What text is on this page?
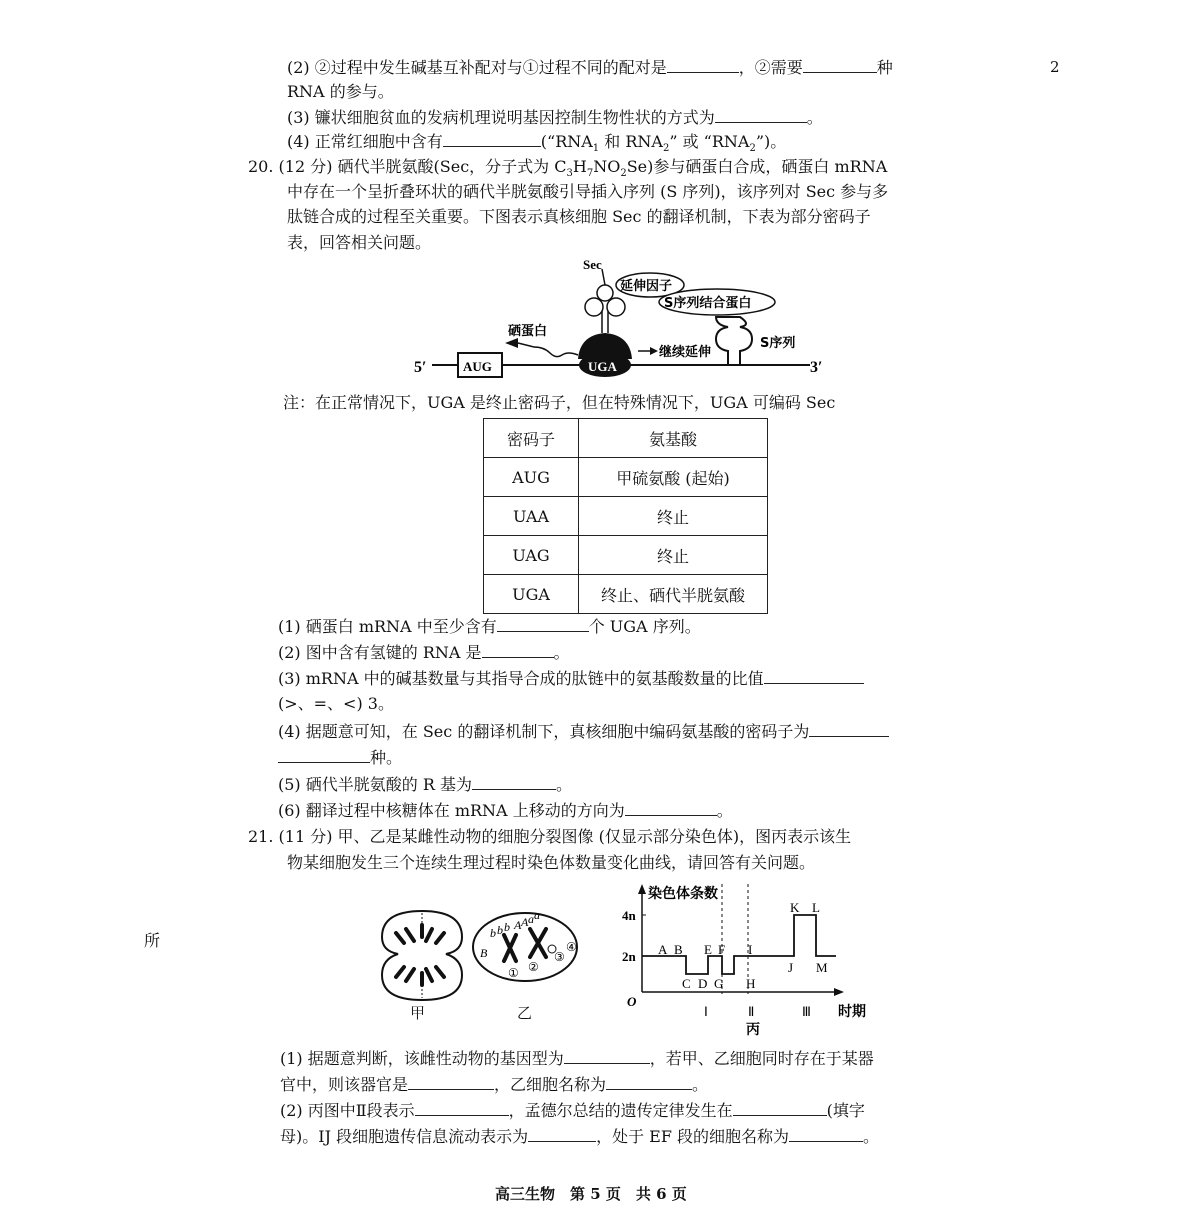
2
所
(2) ②过程中发生碱基互补配对与①过程不同的配对是	，②需要	种
RNA 的参与。
(3) 镰状细胞贫血的发病机理说明基因控制生物性状的方式为	。
(4) 正常红细胞中含有	(“$RNA_1$ 和 $RNA_2$” 或 “$RNA_2$”)。
20. (12 分) 硒代半胱氨酸(Sec，分子式为 $C_3H_7NO_2Se$)参与硒蛋白合成，硒蛋白 mRNA
中存在一个呈折叠环状的硒代半胱氨酸引导插入序列 (S 序列)，该序列对 Sec 参与多
肽链合成的过程至关重要。下图表示真核细胞 Sec 的翻译机制，下表为部分密码子
表，回答相关问题。
5′	3′
AUG	UGA
Sec
延伸因子
S序列结合蛋白
S序列
硒蛋白
继续延伸
注：在正常情况下，UGA 是终止密码子，但在特殊情况下，UGA 可编码 Sec
密码子	氨基酸
AUG	甲硫氨酸 (起始)
UAA	终止
UAG	终止
UGA	终止、硒代半胱氨酸
(1) 硒蛋白 mRNA 中至少含有	个 UGA 序列。
(2) 图中含有氢键的 RNA 是	。
(3) mRNA 中的碱基数量与其指导合成的肽链中的氨基酸数量的比值
(>、=、<) 3。
(4) 据题意可知，在 Sec 的翻译机制下，真核细胞中编码氨基酸的密码子为
种。
(5) 硒代半胱氨酸的 R 基为	。
(6) 翻译过程中核糖体在 mRNA 上移动的方向为	。
21. (11 分) 甲、乙是某雌性动物的细胞分裂图像 (仅显示部分染色体)，图丙表示该生
物某细胞发生三个连续生理过程时染色体数量变化曲线，请回答有关问题。
甲
b b b A A a a
B
① ②
③
④
乙
染色体条数
4n
2n
O
A B
C D
E F
G H
I
J
K L
M
Ⅰ	Ⅱ	Ⅲ 时期
丙
(1) 据题意判断，该雌性动物的基因型为	，若甲、乙细胞同时存在于某器
官中，则该器官是	，乙细胞名称为	。
(2) 丙图中Ⅱ段表示	，孟德尔总结的遗传定律发生在	(填字
母)。IJ 段细胞遗传信息流动表示为	，处于 EF 段的细胞名称为	。
高三生物　第 5 页　共 6 页
